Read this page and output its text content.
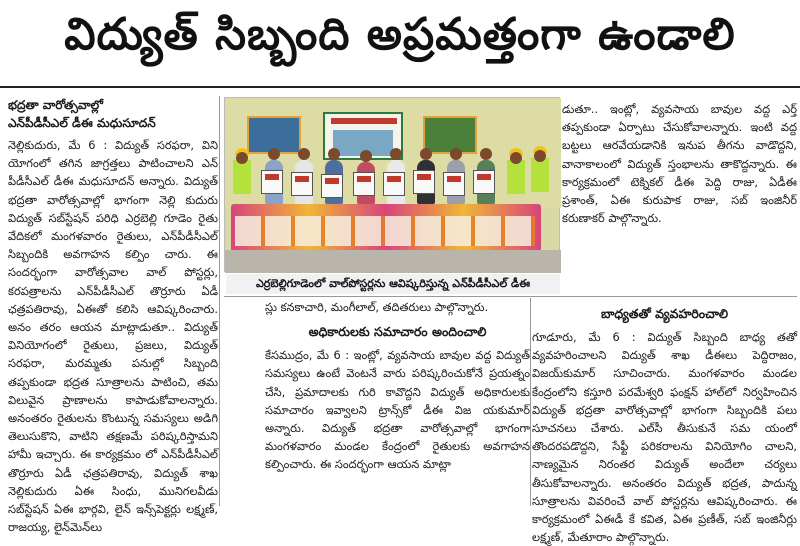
విద్యుత్ సిబ్బంది అప్రమత్తంగా ఉండాలి
భద్రతా వారోత్సవాల్లో
ఎన్‌పీడీసీఎల్ డీఈ మధుసూదన్

నెల్లికుదురు, మే 6 : విద్యుత్ సరఫరా, విని యోగంలో తగిన జాగ్రత్తలు పాటించాలని ఎన్ పీడీసీఎల్ డీఈ మధుసూదన్ అన్నారు. విద్యుత్ భద్రతా వారోత్సవాల్లో భాగంగా నెల్లి కుదురు విద్యుత్ సబ్‌స్టేషన్ పరిధి ఎర్రబెల్లి గూడెం రైతు వేదికలో మంగళవారం రైతులు, ఎన్‌పీడీసీఎల్ సిబ్బందికి అవగాహన కల్పిం చారు. ఈ సందర్భంగా వారోత్సవాల వాల్ పోస్టర్లు, కరపత్రాలను ఎన్‌పీడీసీఎల్ తొర్రూరు ఏడీ ఛత్రపతిరావు, ఏఈతో కలిసి ఆవిష్కరించారు. అనం తరం ఆయన మాట్లాడుతూ.. విద్యుత్ వినియోగంలో రైతులు, ప్రజలు, విద్యుత్ సరఫరా, మరమ్మతు పనుల్లో సిబ్బంది తప్పకుండా భద్రత సూత్రాలను పాటించి, తమ విలువైన ప్రాణాలను కాపాడుకోవాలన్నారు. అనంతరం రైతులను కొంటున్న సమస్యలు అడిగి తెలుసుకొని, వాటిని తక్షణమే పరిష్కరిస్తామని హామీ ఇచ్చారు. ఈ కార్యక్రమం లో ఎన్‌పీడీసీఎల్ తొర్రూరు ఏడీ ఛత్రపతిరావు, విద్యుత్ శాఖ నెల్లికుదురు ఏఈ సింధు, మునిగలవీడు సబ్‌స్టేషన్ ఏఈ భార్గవి, లైన్ ఇన్స్‌పెక్టర్లు లక్ష్మణ్, రాజయ్య, లైన్‌మెన్‌లు

ఎర్రబెల్లిగూడెంలో వాల్‌పోస్టర్లను ఆవిష్కరిస్తున్న ఎన్‌పీడీసీఎల్ డీఈ

డుతూ.. ఇంట్లో, వ్యవసాయ బావుల వద్ద ఎర్త్ తప్పకుండా ఏర్పాటు చేసుకోవాలన్నారు. ఇంటి వద్ద బట్టలు ఆరవేయడానికి ఇనుప తీగను వాడొద్దని, వానాకాలంలో విద్యుత్ స్తంభాలను తాకొద్దన్నారు. ఈ కార్యక్రమంలో టెక్నికల్ డీఈ పెద్ది రాజు, ఏడీఈ ప్రశాంత్, ఏఈ కురుపాక రాజు, సబ్ ఇంజినీర్ కరుణాకర్ పాల్గొన్నారు.

స్లు కనకాచారి, మంగీలాల్, తదితరులు పాల్గొన్నారు.

అధికారులకు సమాచారం అందించాలి

కేసముద్రం, మే 6 : ఇంట్లో, వ్యవసాయ బావుల వద్ద విద్యుత్ సమస్యలు ఉంటే వెంటనే వారు పరిష్కరించుకోనే ప్రయత్నం చేసి, ప్రమాదాలకు గురి కావొద్దని విద్యుత్ అధికారులకు సమాచారం ఇవ్వాలని ట్రాన్స్‌కో డీఈ విజ యకుమార్ అన్నారు. విద్యుత్ భద్రతా వారోత్సవాల్లో భాగంగా మంగళవారం మండల కేంద్రంలో రైతులకు అవగాహన కల్పించారు. ఈ సందర్భంగా ఆయన మాట్లా

బాధ్యతతో వ్యవహరించాలి

గూడూరు, మే 6 : విద్యుత్ సిబ్బంది బాధ్య తతో వ్యవహరించాలని విద్యుత్ శాఖ డీఈలు పెద్దిరాజం, విజయ్‌కుమార్ సూచించారు. మంగళవారం మండల కేంద్రంలోని కస్తూరి పరమేశ్వరి ఫంక్షన్ హాల్‌లో నిర్వహించిన విద్యుత్ భద్రతా వారోత్సవాల్లో భాగంగా సిబ్బందికి పలు సూచనలు చేశారు. ఎల్‌సీ తీసుకునే సమ యంలో తొందరపడొద్దని, సేఫ్టీ పరికరాలను వినియోగిం చాలని, నాణ్యమైన నిరంతర విద్యుత్ అందేలా చర్యలు తీసుకోవాలన్నారు. అనంతరం విద్యుత్ భద్రత, పాదున్న సూత్రాలను వివరించే వాల్ పోస్టర్లను ఆవిష్కరించారు. ఈ కార్యక్రమంలో ఏఈడీ కే కవిత, ఏఈ ప్రణీత్, సబ్ ఇంజినీర్లు లక్ష్మణ్, మేతూరాం పాల్గొన్నారు.
